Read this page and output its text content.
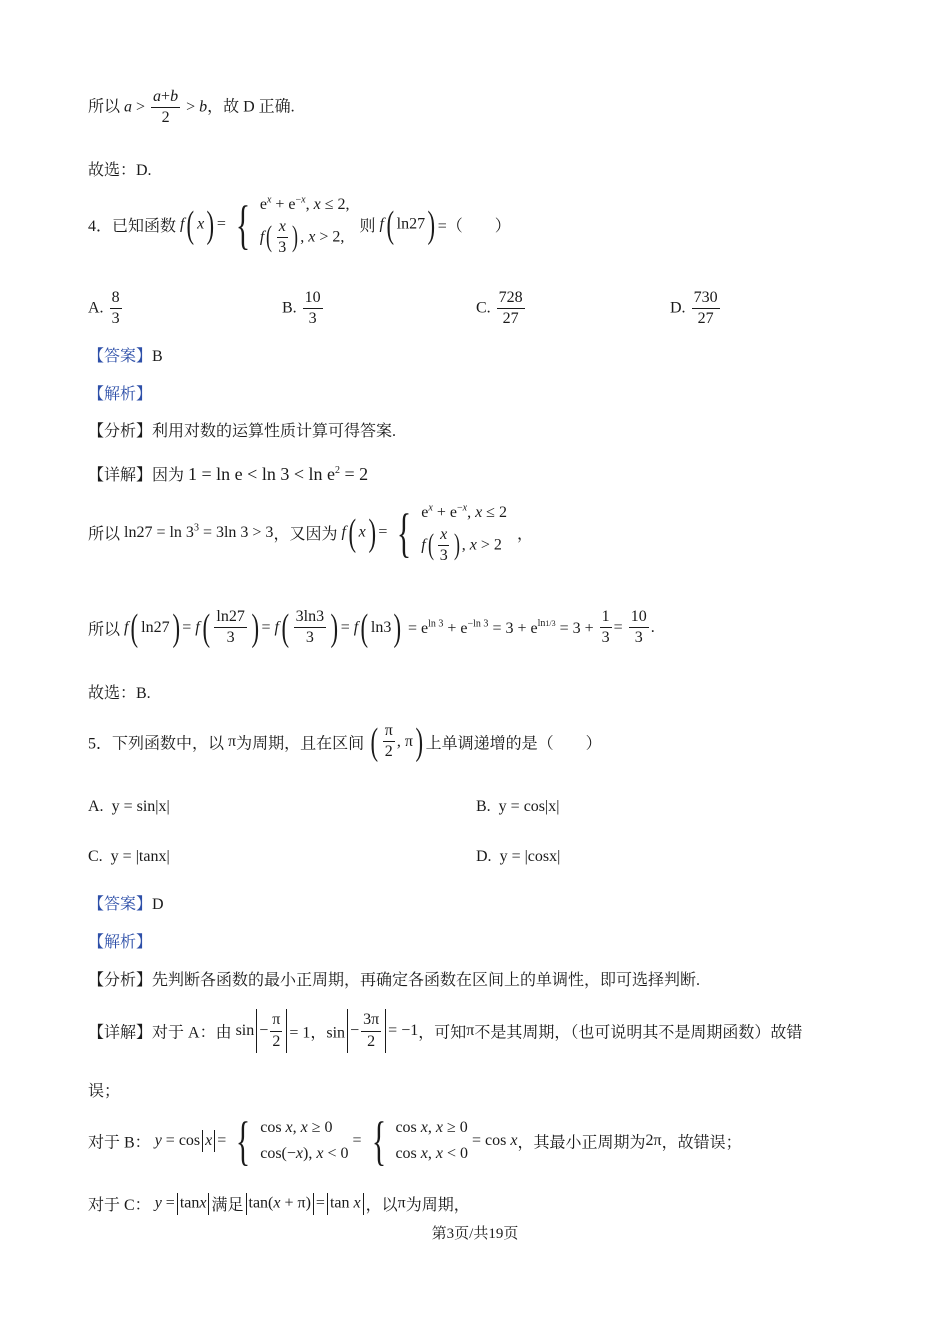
所以 $a > \frac{a+b}{2} > b$，故 D 正确.
故选：D.
4．已知函数 f( x) = { $e^x + e^{-x}$, x ≤ 2,
$f( \frac{x}{3}$ ) , x > 2,
则 f( ln27) =（　　）
A. $\frac{8}{3}$	B. $\frac{10}{3}$	C. $\frac{728}{27}$	D. $\frac{730}{27}$
【答案】B
【解析】
【分析】利用对数的运算性质计算可得答案.
【详解】因为 $1 = \ln e < \ln 3 < \ln e^2 = 2$
所以 $\ln 27 = \ln 3^3 = 3\ln$ 3 > 3，又因为 f( x) = { $e^x + e^{-x}$, x ≤ 2
$f( \frac{x}{3}$ ) , x > 2
，
所以 f( $\ln 27) = f( \frac{\ln 27}{3}$ ) = $f( \frac{3\ln 3}{3}$ ) = f( $\ln 3) = e^{ln 3} + e^{-ln 3} = 3 + e^{ln1/3} = 3 + \frac{1}{3} = \frac{10}{3}$ .
故选：B.
5．下列函数中，以 π为周期，且在区间 ( $\frac{\pi}{2}$ , π) 上单调递增的是（　　）
A. y = sin|x|	B. y = cos|x|
C. y = |tanx|	D. y = |cosx|
【答案】D
【解析】
【分析】先判断各函数的最小正周期，再确定各函数在区间上的单调性，即可选择判断.
【详解】对于 A：由 $\sin - \frac{\pi}{2} = 1$，$\sin - \frac{3\pi}{2} = -1$，可知π不是其周期，（也可说明其不是周期函数）故错
误；
对于 B： y = cos x = { cos x, x ≥ 0
cos(−x), x < 0
= { cos x, x ≥ 0
cos x, x < 0
= cos x，其最小正周期为2π，故错误；
对于 C： y = tanx 满足 tan(x + π) = tan x ，以π为周期，
第3页/共19页
